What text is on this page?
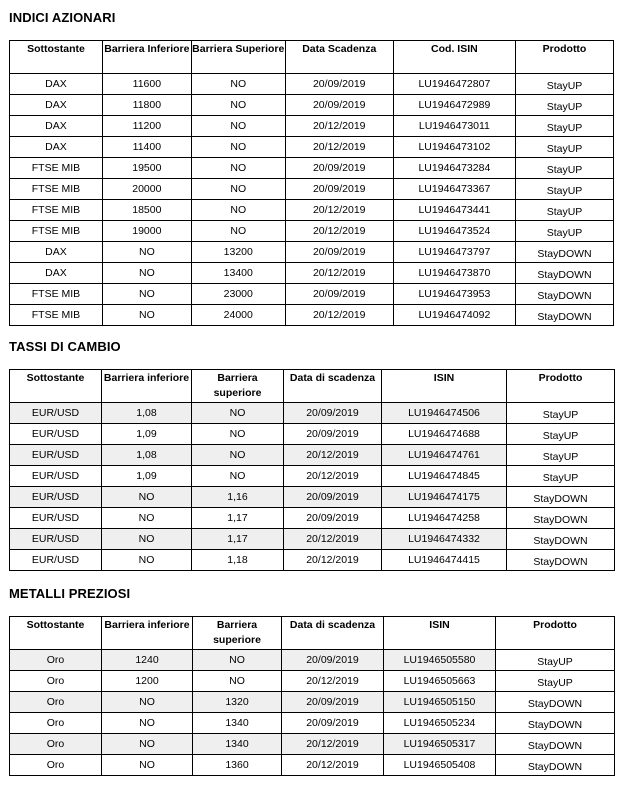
INDICI AZIONARI
Sottostante	Barriera Inferiore	Barriera Superiore	Data Scadenza	Cod. ISIN	Prodotto
DAX	11600	NO	20/09/2019	LU1946472807	StayUP
DAX	11800	NO	20/09/2019	LU1946472989	StayUP
DAX	11200	NO	20/12/2019	LU1946473011	StayUP
DAX	11400	NO	20/12/2019	LU1946473102	StayUP
FTSE MIB	19500	NO	20/09/2019	LU1946473284	StayUP
FTSE MIB	20000	NO	20/09/2019	LU1946473367	StayUP
FTSE MIB	18500	NO	20/12/2019	LU1946473441	StayUP
FTSE MIB	19000	NO	20/12/2019	LU1946473524	StayUP
DAX	NO	13200	20/09/2019	LU1946473797	StayDOWN
DAX	NO	13400	20/12/2019	LU1946473870	StayDOWN
FTSE MIB	NO	23000	20/09/2019	LU1946473953	StayDOWN
FTSE MIB	NO	24000	20/12/2019	LU1946474092	StayDOWN
TASSI DI CAMBIO
Sottostante	Barriera inferiore	Barriera superiore	Data di scadenza	ISIN	Prodotto
EUR/USD	1,08	NO	20/09/2019	LU1946474506	StayUP
EUR/USD	1,09	NO	20/09/2019	LU1946474688	StayUP
EUR/USD	1,08	NO	20/12/2019	LU1946474761	StayUP
EUR/USD	1,09	NO	20/12/2019	LU1946474845	StayUP
EUR/USD	NO	1,16	20/09/2019	LU1946474175	StayDOWN
EUR/USD	NO	1,17	20/09/2019	LU1946474258	StayDOWN
EUR/USD	NO	1,17	20/12/2019	LU1946474332	StayDOWN
EUR/USD	NO	1,18	20/12/2019	LU1946474415	StayDOWN
METALLI PREZIOSI
Sottostante	Barriera inferiore	Barriera superiore	Data di scadenza	ISIN	Prodotto
Oro	1240	NO	20/09/2019	LU1946505580	StayUP
Oro	1200	NO	20/12/2019	LU1946505663	StayUP
Oro	NO	1320	20/09/2019	LU1946505150	StayDOWN
Oro	NO	1340	20/09/2019	LU1946505234	StayDOWN
Oro	NO	1340	20/12/2019	LU1946505317	StayDOWN
Oro	NO	1360	20/12/2019	LU1946505408	StayDOWN
